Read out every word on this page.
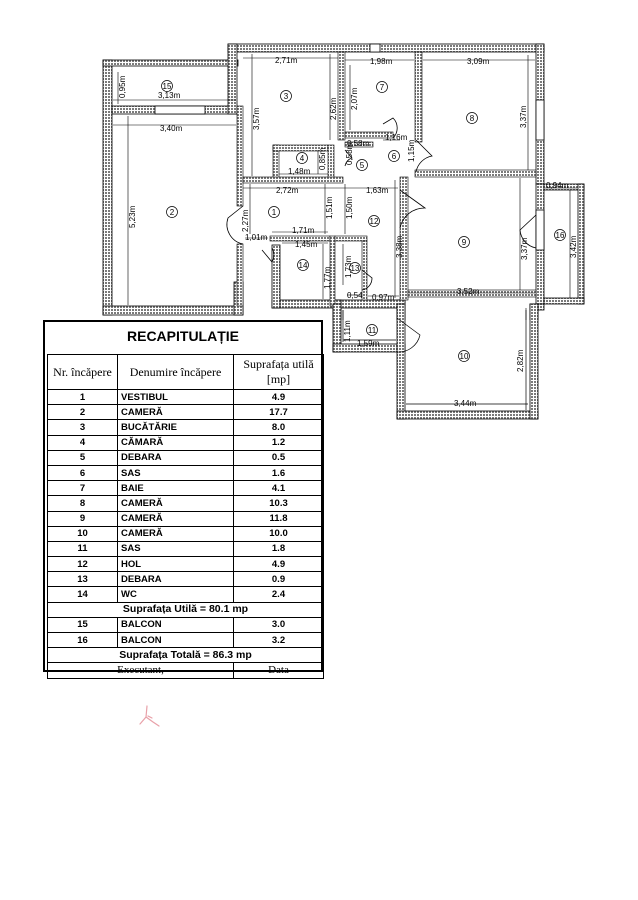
0,95m	3,13m
3,40m
5,23m
2,71m
3,57m	2,62m
1,98m
2,07m
3,09m
3,37m
1,16m
0,58m
0,58m	1,15m
1,48m
0,85m
2,72m	1,63m
0,94m
2,27m
1,51m 1,50m
1,01m
1,71m
1,45m	3,38m	3,37m	3,42m
1,77m 1,73m
0,54 0,97m
3,52m
1
2
3
4
5
6
7
8
9
12
13
14
15
16
1,11m
1,59m
2,82m
3,44m
11
10
RECAPITULAȚIE
Nr. încăpere	Denumire încăpere	Suprafața utilă [mp]
1	VESTIBUL	4.9
2	CAMERĂ	17.7
3	BUCĂTĂRIE	8.0
4	CĂMARĂ	1.2
5	DEBARA	0.5
6	SAS	1.6
7	BAIE	4.1
8	CAMERĂ	10.3
9	CAMERĂ	11.8
10	CAMERĂ	10.0
11	SAS	1.8
12	HOL	4.9
13	DEBARA	0.9
14	WC	2.4
Suprafața Utilă = 80.1 mp		
15	BALCON	3.0
16	BALCON	3.2
Suprafața Totală = 86.3 mp		
Executant,		Data
